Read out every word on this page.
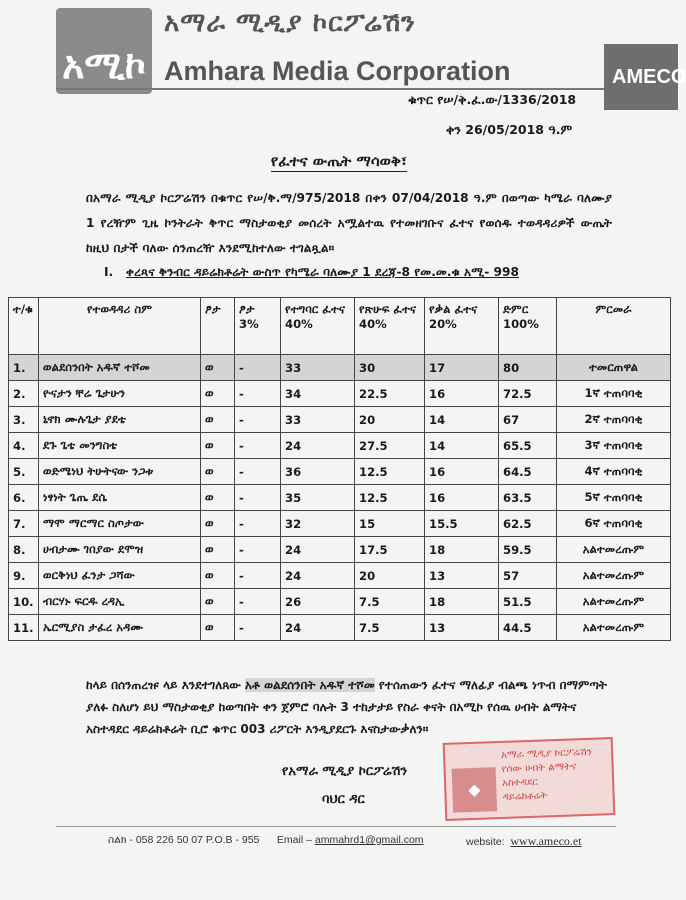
አሚኮ
አማራ ሚዲያ ኮርፖሬሽን
Amhara Media Corporation	AMECO
ቁጥር የሠ/ቅ.ፈ.ው/1336/2018
ቀን 26/05/2018 ዓ.ም
የፈተና ውጤት ማሳወቅ፣
በአማራ ሚዲያ ኮርፖሬሽን በቁጥር የሠ/ቅ.ማ/975/2018 በቀን 07/04/2018 ዓ.ም በወጣው ካሜራ ባለሙያ 1 የረዥም ጊዜ ኮንትራት ቅጥር ማስታወቂያ መሰረት አሟልተዉ የተመዘገቡና ፈተና የወሰዱ ተወዳዳሪዎች ውጤት ከዚህ በታች ባለው ሰንጠረዥ እንደሚከተለው ተገልጿል።
I. ቀረጻና ቅንብር ዳይሬክቶሬት ውስጥ የካሜራ ባለሙያ 1 ደረጃ-8 የመ.መ.ቁ አሚ- 998
ተ/ቁ	የተወዳዳሪ ስም	ፆታ	ፆታ 3%	የተግባር ፈተና 40%	የጽሁፍ ፈተና 40%	የቃል ፈተና 20%	ድምር 100%	ምርመራ
1.	ወልደሰንበት አዱኛ ተሾመ	ወ	-	33	30	17	80	ተመርጠዋል
2.	ዮናታን ቸሬ ጌታሁን	ወ	-	34	22.5	16	72.5	1ኛ ተጠባባቂ
3.	ኒኖክ ሙሉጌታ ያደቴ	ወ	-	33	20	14	67	2ኛ ተጠባባቂ
4.	ደጉ ጌቴ መንግስቴ	ወ	-	24	27.5	14	65.5	3ኛ ተጠባባቂ
5.	ወድሜነህ ትሁትናው ንጋቱ	ወ	-	36	12.5	16	64.5	4ኛ ተጠባባቂ
6.	ነፃነት ጌጤ ደሴ	ወ	-	35	12.5	16	63.5	5ኛ ተጠባባቂ
7.	ማሞ ማርማር ስጦታው	ወ	-	32	15	15.5	62.5	6ኛ ተጠባባቂ
8.	ሀብታሙ ገበያው ደሞዝ	ወ	-	24	17.5	18	59.5	አልተመረጡም
9.	ወርቅነህ ፈንታ ጋሻው	ወ	-	24	20	13	57	አልተመረጡም
10.	ብርሃኑ ፍርዱ ረዳኢ	ወ	-	26	7.5	18	51.5	አልተመረጡም
11.	ኤርሚያስ ታፈረ አዳሙ	ወ	-	24	7.5	13	44.5	አልተመረጡም
ከላይ በሰንጠረዡ ላይ እንደተገለጸው አቶ ወልደሰንበት አዱኛ ተሾመ የተሰጠውን ፈተና ማለፊያ ብልጫ ነጥብ በማምጣት ያለፉ ስለሆነ ይህ ማስታወቂያ ከወጣበት ቀን ጀምሮ ባሉት 3 ተከታታይ የስራ ቀናት በአሚኮ የሰዉ ሀብት ልማትና አስተዳደር ዳይሬክቶሬት ቢሮ ቁጥር 003 ሪፖርት እንዲያደርጉ እናስታውቃለን።
የአማራ ሚዲያ ኮርፖሬሽን
ባህር ዳር
◆
አማራ ሚዲያ ኮርፖሬሽን
የሰው ሀብት ልማትና አስተዳደር
ዳይሬክቶሬት
ስልክ - 058 226 50 07 P.O.B - 955 Email – ammahrd1@gmail.com	website: www.ameco.et
